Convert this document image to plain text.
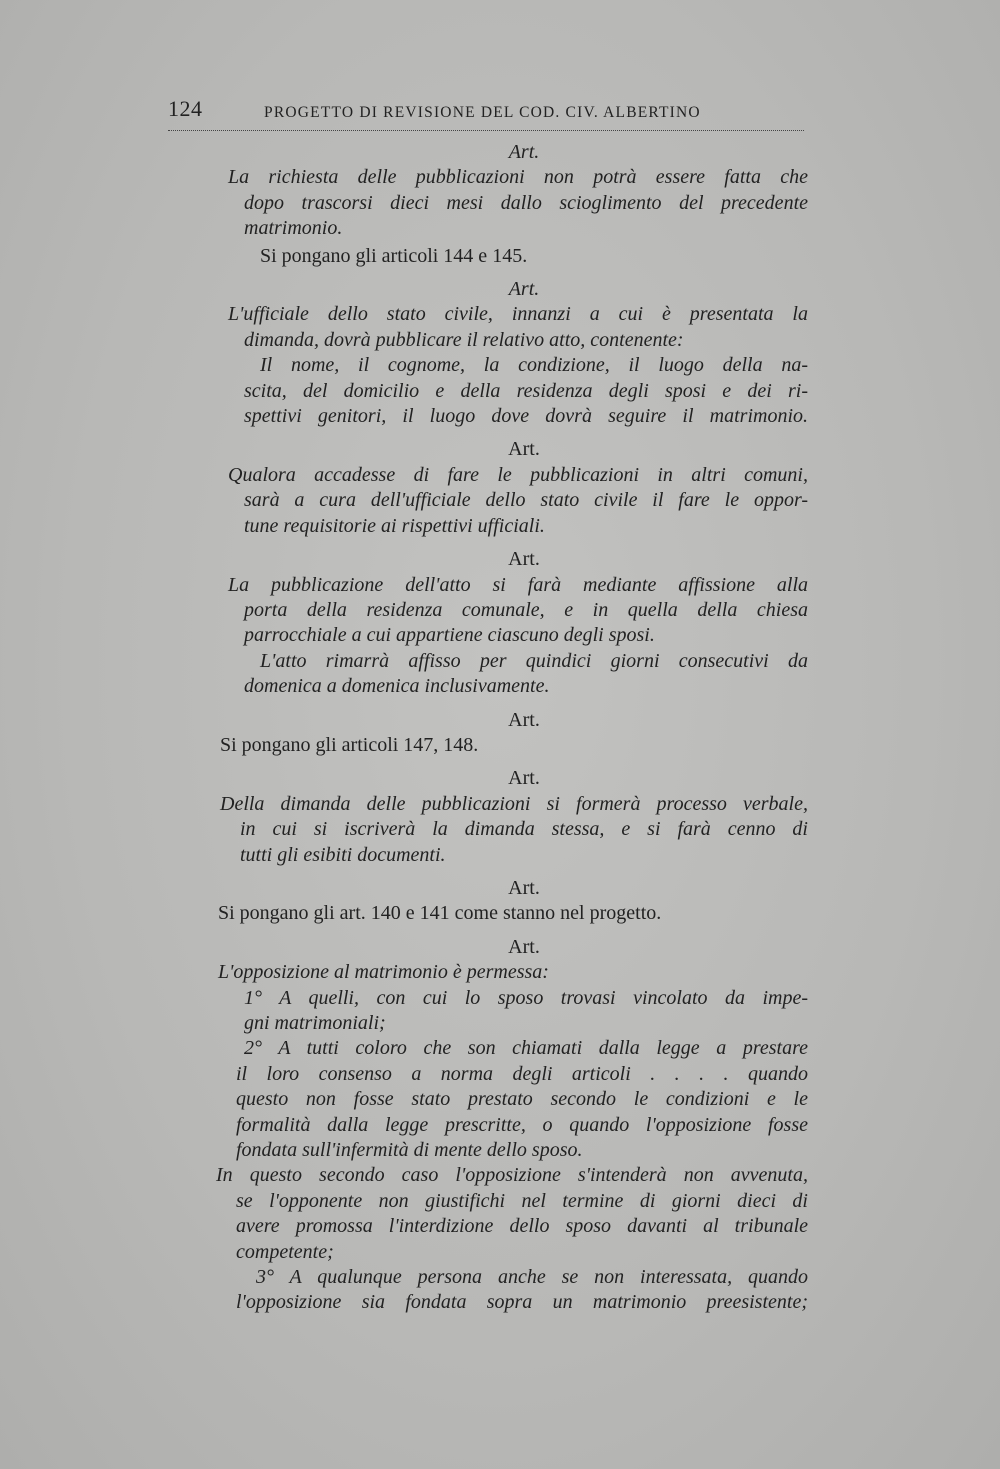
124	PROGETTO DI REVISIONE DEL COD. CIV. ALBERTINO
Art.
La richiesta delle pubblicazioni non potrà essere fatta che
dopo trascorsi dieci mesi dallo scioglimento del precedente
matrimonio.
Si pongano gli articoli 144 e 145.
Art.
L'ufficiale dello stato civile, innanzi a cui è presentata la
dimanda, dovrà pubblicare il relativo atto, contenente:
Il nome, il cognome, la condizione, il luogo della na-
scita, del domicilio e della residenza degli sposi e dei ri-
spettivi genitori, il luogo dove dovrà seguire il matrimonio.
Art.
Qualora accadesse di fare le pubblicazioni in altri comuni,
sarà a cura dell'ufficiale dello stato civile il fare le oppor-
tune requisitorie ai rispettivi ufficiali.
Art.
La pubblicazione dell'atto si farà mediante affissione alla
porta della residenza comunale, e in quella della chiesa
parrocchiale a cui appartiene ciascuno degli sposi.
L'atto rimarrà affisso per quindici giorni consecutivi da
domenica a domenica inclusivamente.
Art.
Si pongano gli articoli 147, 148.
Art.
Della dimanda delle pubblicazioni si formerà processo verbale,
in cui si iscriverà la dimanda stessa, e si farà cenno di
tutti gli esibiti documenti.
Art.
Si pongano gli art. 140 e 141 come stanno nel progetto.
Art.
L'opposizione al matrimonio è permessa:
1° A quelli, con cui lo sposo trovasi vincolato da impe-
gni matrimoniali;
2° A tutti coloro che son chiamati dalla legge a prestare
il loro consenso a norma degli articoli . . . . quando
questo non fosse stato prestato secondo le condizioni e le
formalità dalla legge prescritte, o quando l'opposizione fosse
fondata sull'infermità di mente dello sposo.
In questo secondo caso l'opposizione s'intenderà non avvenuta,
se l'opponente non giustifichi nel termine di giorni dieci di
avere promossa l'interdizione dello sposo davanti al tribunale
competente;
3° A qualunque persona anche se non interessata, quando
l'opposizione sia fondata sopra un matrimonio preesistente;
